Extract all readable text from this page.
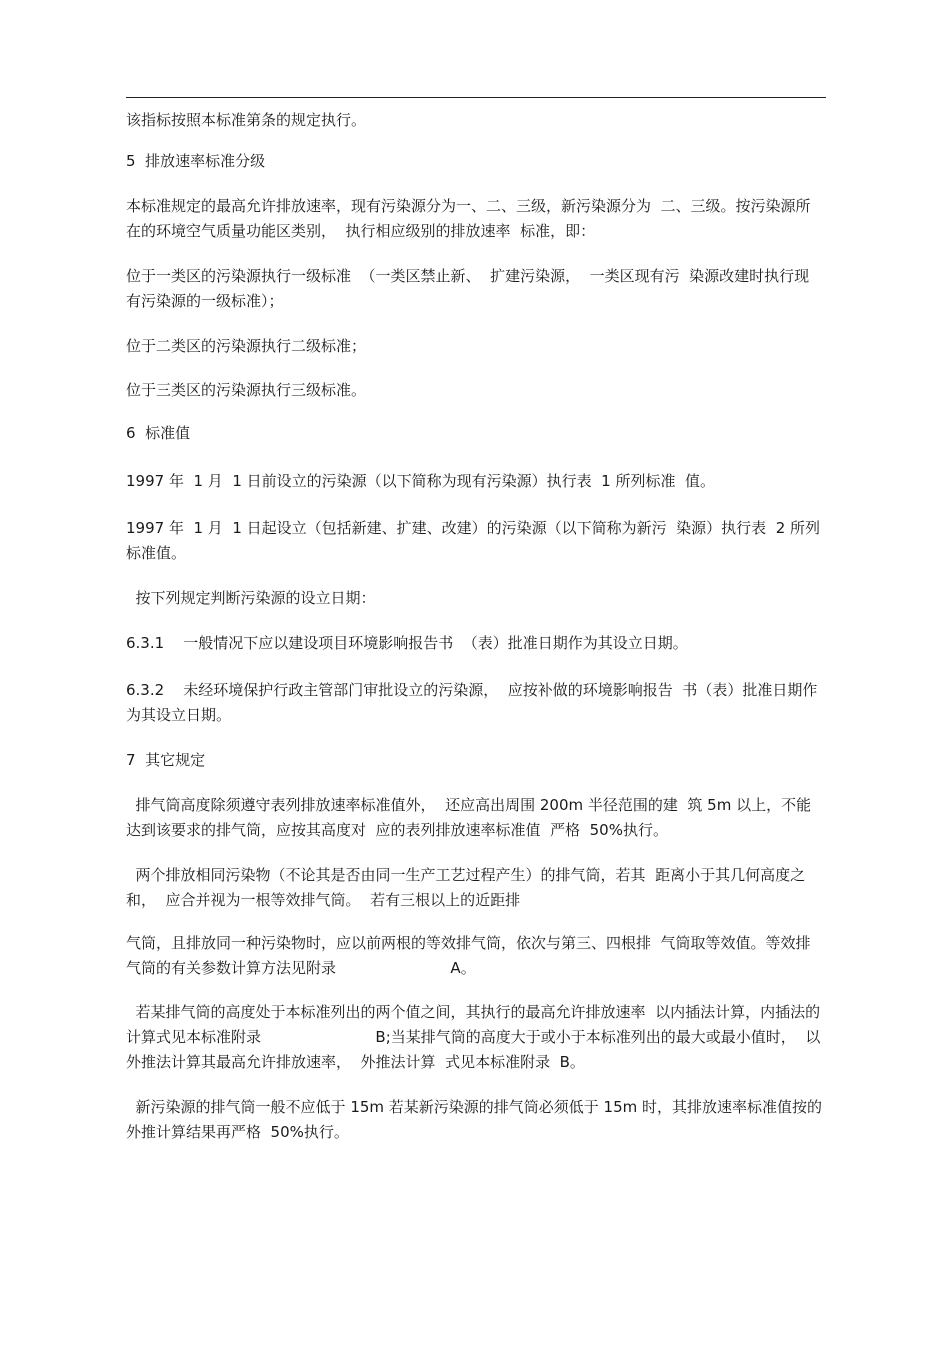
该指标按照本标准第条的规定执行。

5  排放速率标准分级

本标准规定的最高允许排放速率，现有污染源分为一、二、三级，新污染源分为  二、三级。按污染源所在的环境空气质量功能区类别，  执行相应级别的排放速率  标准，即：

位于一类区的污染源执行一级标准  （一类区禁止新、  扩建污染源，  一类区现有污  染源改建时执行现有污染源的一级标准）；

位于二类区的污染源执行二级标准；

位于三类区的污染源执行三级标准。

6  标准值

1997 年  1 月  1 日前设立的污染源（以下简称为现有污染源）执行表  1 所列标准  值。

1997 年  1 月  1 日起设立（包括新建、扩建、改建）的污染源（以下简称为新污  染源）执行表  2 所列标准值。

按下列规定判断污染源的设立日期：

6.3.1    一般情况下应以建设项目环境影响报告书  （表）批准日期作为其设立日期。

6.3.2    未经环境保护行政主管部门审批设立的污染源，  应按补做的环境影响报告  书（表）批准日期作为其设立日期。

7  其它规定

排气筒高度除须遵守表列排放速率标准值外，  还应高出周围 200m 半径范围的建  筑 5m 以上，不能达到该要求的排气筒，应按其高度对  应的表列排放速率标准值  严格  50%执行。

两个排放相同污染物（不论其是否由同一生产工艺过程产生）的排气筒，若其  距离小于其几何高度之和，  应合并视为一根等效排气筒。  若有三根以上的近距排

气筒，且排放同一种污染物时，应以前两根的等效排气筒，依次与第三、四根排  气筒取等效值。等效排气筒的有关参数计算方法见附录                        A。

若某排气筒的高度处于本标准列出的两个值之间，其执行的最高允许排放速率  以内插法计算，内插法的计算式见本标准附录                        B;当某排气筒的高度大于或小于本标准列出的最大或最小值时，  以外推法计算其最高允许排放速率，  外推法计算  式见本标准附录  B。

新污染源的排气筒一般不应低于 15m 若某新污染源的排气筒必须低于 15m 时，其排放速率标准值按的外推计算结果再严格  50%执行。
